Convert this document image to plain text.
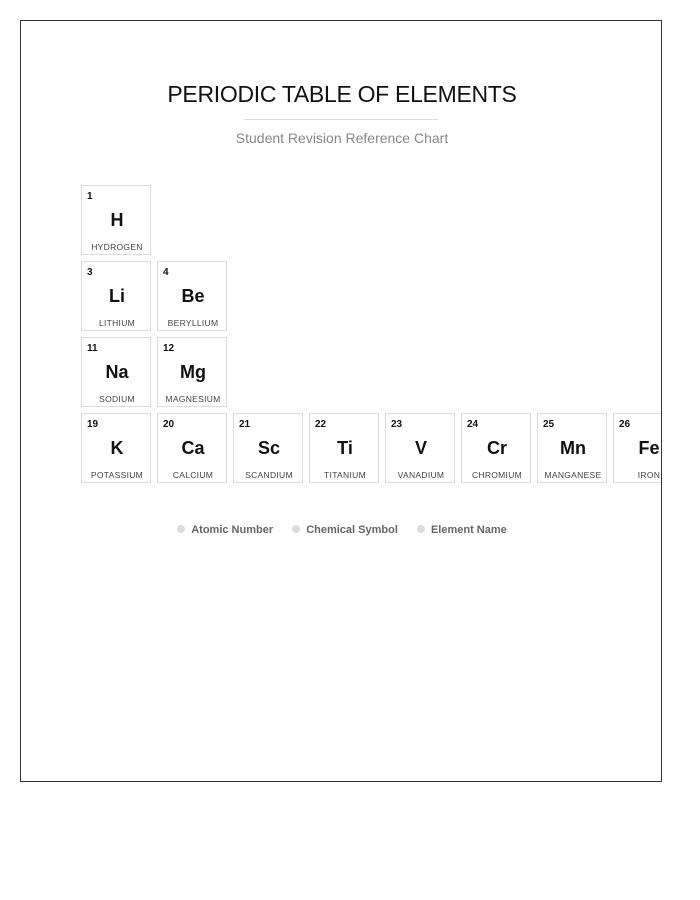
PERIODIC TABLE OF ELEMENTS
Student Revision Reference Chart
1
H
HYDROGEN
3
Li
LITHIUM
4
Be
BERYLLIUM
11
Na
SODIUM
12
Mg
MAGNESIUM
19
K
POTASSIUM
20
Ca
CALCIUM
21
Sc
SCANDIUM
22
Ti
TITANIUM
23
V
VANADIUM
24
Cr
CHROMIUM
25
Mn
MANGANESE
26
Fe
IRON
Atomic Number	Chemical Symbol	Element Name
